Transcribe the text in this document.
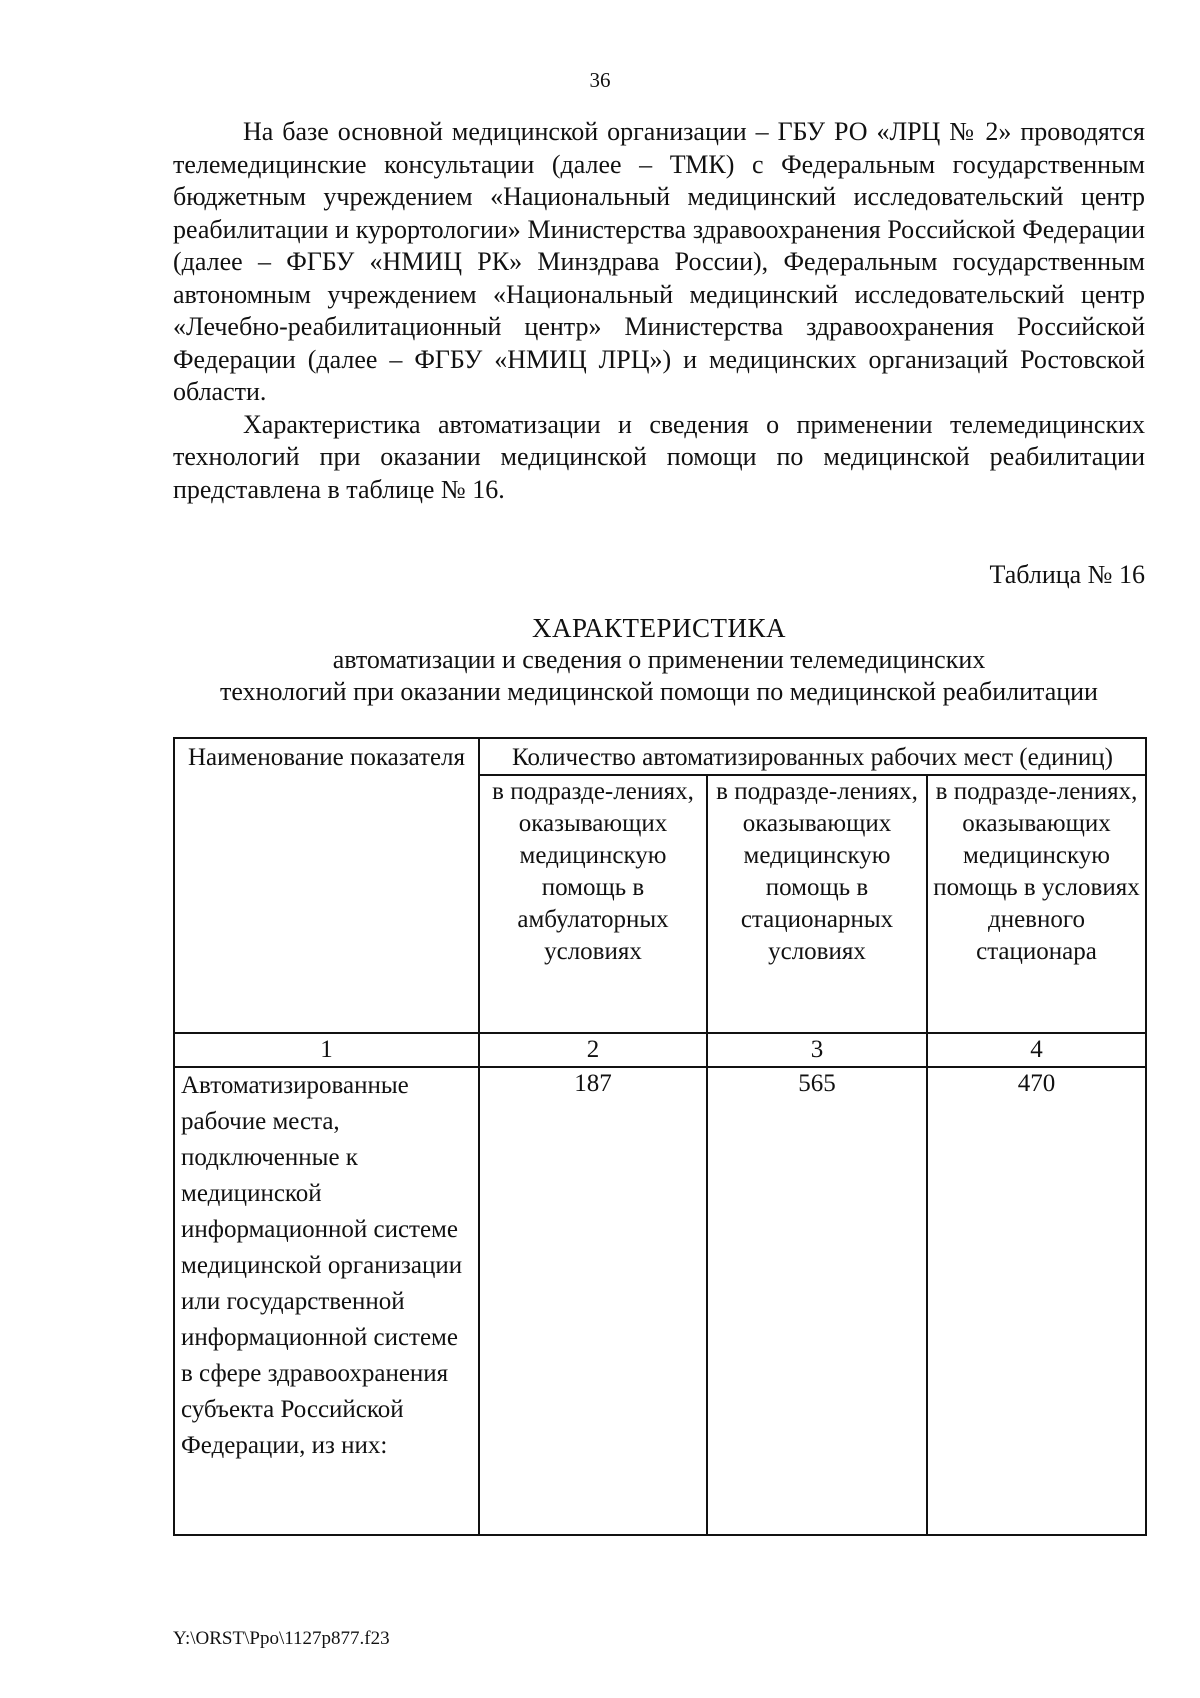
36

На базе основной медицинской организации – ГБУ РО «ЛРЦ № 2» проводятся телемедицинские консультации (далее – ТМК) с Федеральным государственным бюджетным учреждением «Национальный медицинский исследовательский центр реабилитации и курортологии» Министерства здравоохранения Российской Федерации (далее – ФГБУ «НМИЦ РК» Минздрава России), Федеральным государственным автономным учреждением «Национальный медицинский исследовательский центр «Лечебно-реабилитационный центр» Министерства здравоохранения Российской Федерации (далее – ФГБУ «НМИЦ ЛРЦ») и медицинских организаций Ростовской области.

Характеристика автоматизации и сведения о применении телемедицинских технологий при оказании медицинской помощи по медицинской реабилитации представлена в таблице № 16.

Таблица № 16
ХАРАКТЕРИСТИКА
автоматизации и сведения о применении телемедицинских
технологий при оказании медицинской помощи по медицинской реабилитации
Наименование показателя	Количество автоматизированных рабочих мест (единиц)		
	в подразде-лениях, оказывающих медицинскую помощь в амбулаторных условиях	в подразде-лениях, оказывающих медицинскую помощь в стационарных условиях	в подразде-лениях, оказывающих медицинскую помощь в условиях дневного стационара
1	2	3	4
Автоматизированные рабочие места, подключенные к медицинской информационной системе медицинской организации или государственной информационной системе в сфере здравоохранения субъекта Российской Федерации, из них:	187	565	470
Y:\ORST\Ppo\1127p877.f23
